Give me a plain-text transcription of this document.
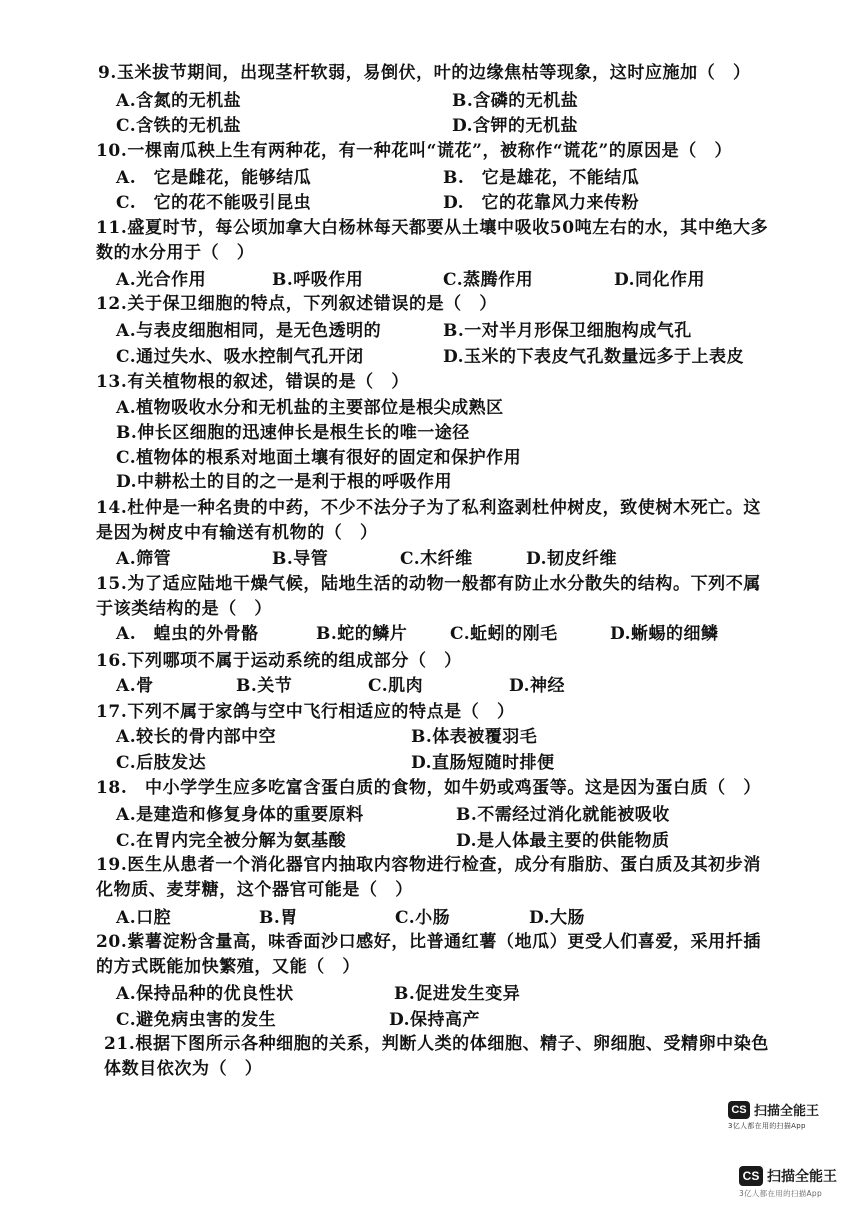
9.玉米拔节期间，出现茎杆软弱，易倒伏，叶的边缘焦枯等现象，这时应施加（　）
A.含氮的无机盐	B.含磷的无机盐
C.含铁的无机盐	D.含钾的无机盐
10.一棵南瓜秧上生有两种花，有一种花叫“谎花”，被称作“谎花”的原因是（　）
A.　它是雌花，能够结瓜	B.　它是雄花，不能结瓜
C.　它的花不能吸引昆虫	D.　它的花靠风力来传粉
11.盛夏时节，每公顷加拿大白杨林每天都要从土壤中吸收50吨左右的水，其中绝大多数的水分用于（　）
A.光合作用	B.呼吸作用	C.蒸腾作用	D.同化作用
12.关于保卫细胞的特点，下列叙述错误的是（　）
A.与表皮细胞相同，是无色透明的	B.一对半月形保卫细胞构成气孔
C.通过失水、吸水控制气孔开闭	D.玉米的下表皮气孔数量远多于上表皮
13.有关植物根的叙述，错误的是（　）
A.植物吸收水分和无机盐的主要部位是根尖成熟区
B.伸长区细胞的迅速伸长是根生长的唯一途径
C.植物体的根系对地面土壤有很好的固定和保护作用
D.中耕松土的目的之一是利于根的呼吸作用
14.杜仲是一种名贵的中药，不少不法分子为了私利盗剥杜仲树皮，致使树木死亡。这是因为树皮中有输送有机物的（　）
A.筛管	B.导管	C.木纤维	D.韧皮纤维
15.为了适应陆地干燥气候，陆地生活的动物一般都有防止水分散失的结构。下列不属于该类结构的是（　）
A.　蝗虫的外骨骼	B.蛇的鳞片	C.蚯蚓的刚毛	D.蜥蜴的细鳞
16.下列哪项不属于运动系统的组成部分（　）
A.骨	B.关节	C.肌肉	D.神经
17.下列不属于家鸽与空中飞行相适应的特点是（　）
A.较长的骨内部中空	B.体表被覆羽毛
C.后肢发达	D.直肠短随时排便
18.　中小学学生应多吃富含蛋白质的食物，如牛奶或鸡蛋等。这是因为蛋白质（　）
A.是建造和修复身体的重要原料	B.不需经过消化就能被吸收
C.在胃内完全被分解为氨基酸	D.是人体最主要的供能物质
19.医生从患者一个消化器官内抽取内容物进行检查，成分有脂肪、蛋白质及其初步消化物质、麦芽糖，这个器官可能是（　）
A.口腔	B.胃	C.小肠	D.大肠
20.紫薯淀粉含量高，味香面沙口感好，比普通红薯（地瓜）更受人们喜爱，采用扦插的方式既能加快繁殖，又能（　）
A.保持品种的优良性状	B.促进发生变异
C.避免病虫害的发生	D.保持高产
21.根据下图所示各种细胞的关系，判断人类的体细胞、精子、卵细胞、受精卵中染色体数目依次为（　）
CS 扫描全能王
3亿人都在用的扫描App
CS 扫描全能王
3亿人都在用的扫描App
